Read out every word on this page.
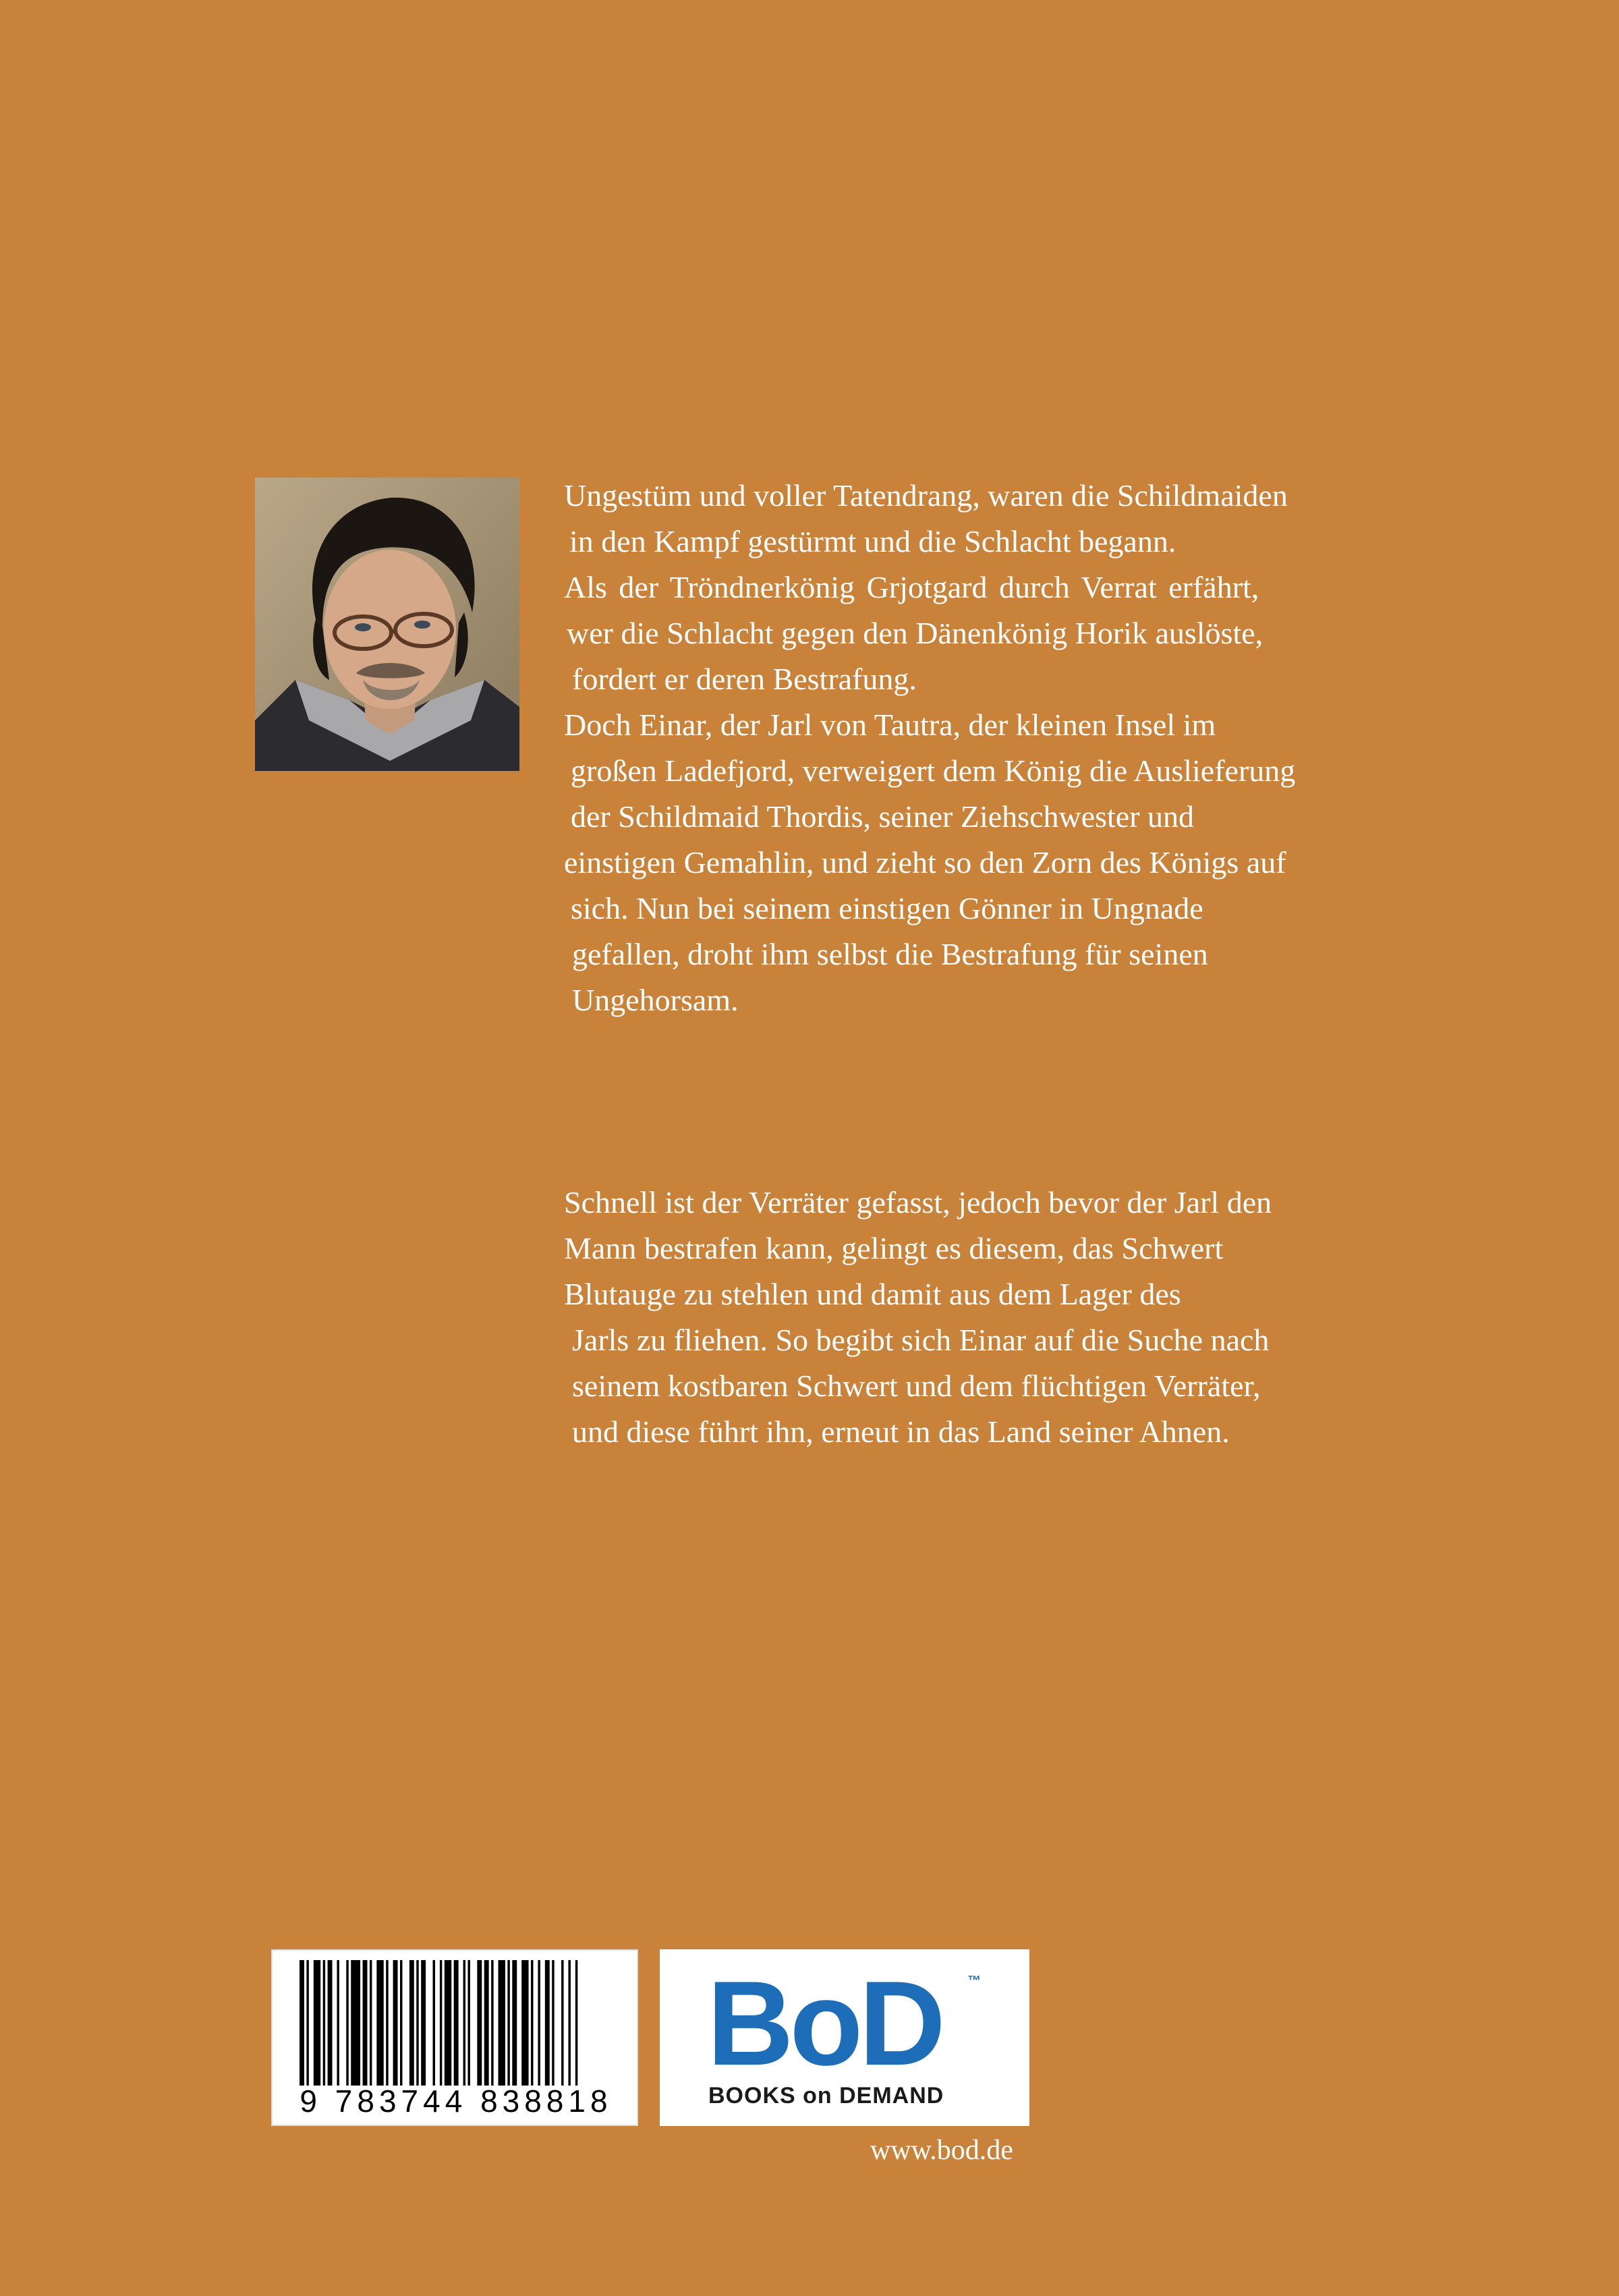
Ungestüm und voller Tatendrang, waren die Schildmaiden

in den Kampf gestürmt und die Schlacht begann.

Als der Tröndnerkönig Grjotgard durch Verrat erfährt,

wer die Schlacht gegen den Dänenkönig Horik auslöste,

fordert er deren Bestrafung.

Doch Einar, der Jarl von Tautra, der kleinen Insel im

großen Ladefjord, verweigert dem König die Auslieferung

der Schildmaid Thordis, seiner Ziehschwester und

einstigen Gemahlin, und zieht so den Zorn des Königs auf

sich. Nun bei seinem einstigen Gönner in Ungnade

gefallen, droht ihm selbst die Bestrafung für seinen

Ungehorsam.

Schnell ist der Verräter gefasst, jedoch bevor der Jarl den

Mann bestrafen kann, gelingt es diesem, das Schwert

Blutauge zu stehlen und damit aus dem Lager des

Jarls zu fliehen. So begibt sich Einar auf die Suche nach

seinem kostbaren Schwert und dem flüchtigen Verräter,

und diese führt ihn, erneut in das Land seiner Ahnen.

9 783744 838818
BoD ™
BOOKS on DEMAND
www.bod.de
